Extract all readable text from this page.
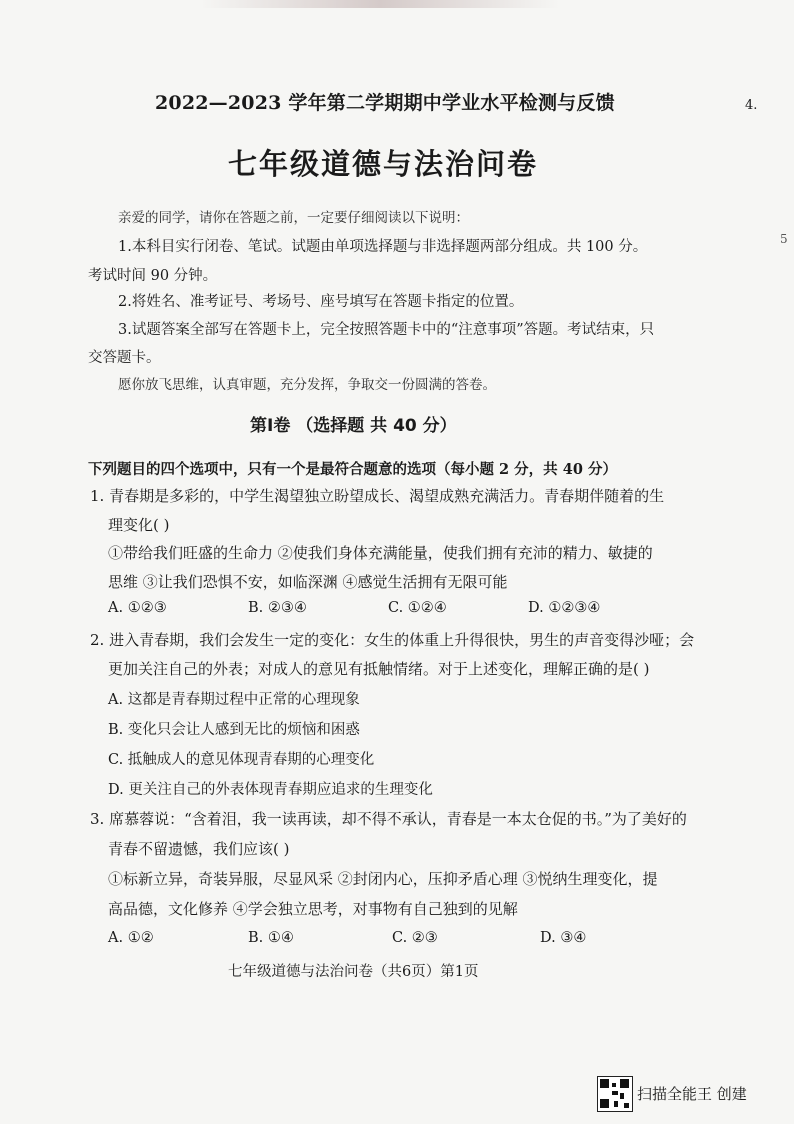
2022—2023 学年第二学期期中学业水平检测与反馈	4.
5
七年级道德与法治问卷
亲爱的同学，请你在答题之前，一定要仔细阅读以下说明：
1.本科目实行闭卷、笔试。试题由单项选择题与非选择题两部分组成。共 100 分。
考试时间 90 分钟。
2.将姓名、准考证号、考场号、座号填写在答题卡指定的位置。
3.试题答案全部写在答题卡上，完全按照答题卡中的“注意事项”答题。考试结束，只
交答题卡。
愿你放飞思维，认真审题，充分发挥，争取交一份圆满的答卷。
第Ⅰ卷 （选择题 共 40 分）
下列题目的四个选项中，只有一个是最符合题意的选项（每小题 2 分，共 40 分）
1. 青春期是多彩的，中学生渴望独立盼望成长、渴望成熟充满活力。青春期伴随着的生
理变化( )
①带给我们旺盛的生命力 ②使我们身体充满能量，使我们拥有充沛的精力、敏捷的
思维 ③让我们恐惧不安，如临深渊 ④感觉生活拥有无限可能
A. ①②③	B. ②③④	C. ①②④	D. ①②③④
2. 进入青春期，我们会发生一定的变化：女生的体重上升得很快，男生的声音变得沙哑；会
更加关注自己的外表；对成人的意见有抵触情绪。对于上述变化，理解正确的是( )
A. 这都是青春期过程中正常的心理现象
B. 变化只会让人感到无比的烦恼和困惑
C. 抵触成人的意见体现青春期的心理变化
D. 更关注自己的外表体现青春期应追求的生理变化
3. 席慕蓉说：“含着泪，我一读再读，却不得不承认，青春是一本太仓促的书。”为了美好的
青春不留遗憾，我们应该( )
①标新立异，奇装异服，尽显风采 ②封闭内心，压抑矛盾心理 ③悦纳生理变化，提
高品德，文化修养 ④学会独立思考，对事物有自己独到的见解
A. ①②	B. ①④	C. ②③	D. ③④
七年级道德与法治问卷（共6页）第1页
扫描全能王 创建
